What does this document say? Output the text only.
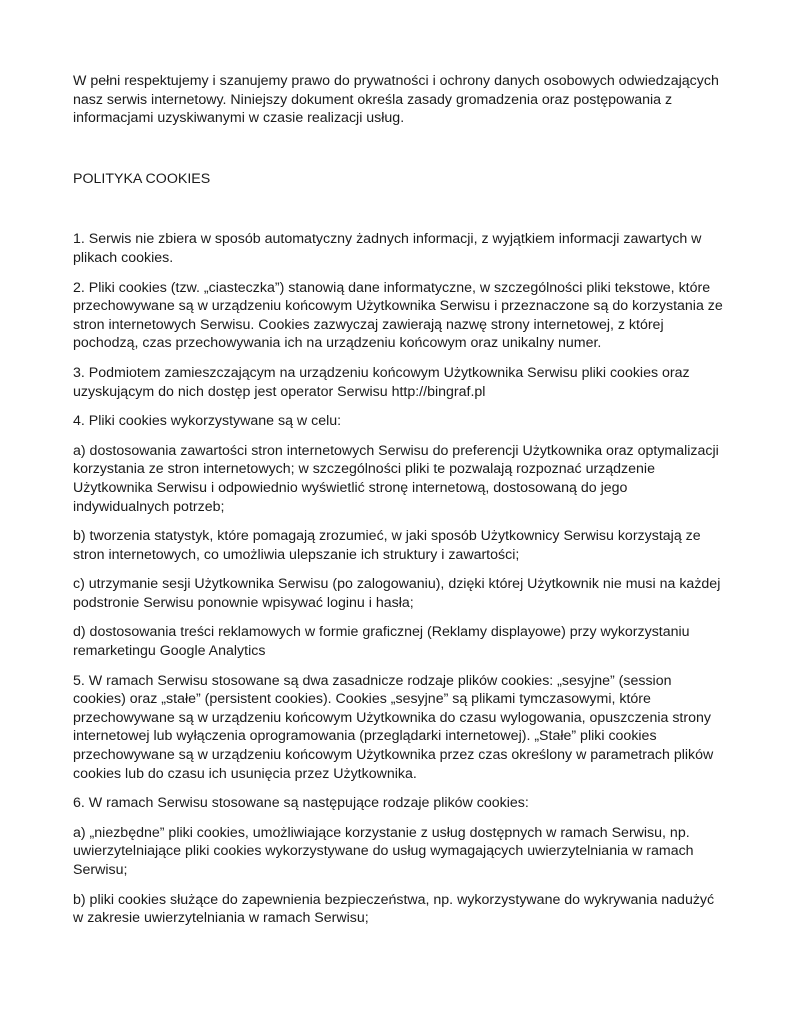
W pełni respektujemy i szanujemy prawo do prywatności i ochrony danych osobowych odwiedzających nasz serwis internetowy. Niniejszy dokument określa zasady gromadzenia oraz postępowania z informacjami uzyskiwanymi w czasie realizacji usług.

POLITYKA COOKIES

1. Serwis nie zbiera w sposób automatyczny żadnych informacji, z wyjątkiem informacji zawartych w plikach cookies.

2. Pliki cookies (tzw. „ciasteczka”) stanowią dane informatyczne, w szczególności pliki tekstowe, które przechowywane są w urządzeniu końcowym Użytkownika Serwisu i przeznaczone są do korzystania ze stron internetowych Serwisu. Cookies zazwyczaj zawierają nazwę strony internetowej, z której pochodzą, czas przechowywania ich na urządzeniu końcowym oraz unikalny numer.

3. Podmiotem zamieszczającym na urządzeniu końcowym Użytkownika Serwisu pliki cookies oraz uzyskującym do nich dostęp jest operator Serwisu http://bingraf.pl

4. Pliki cookies wykorzystywane są w celu:

a) dostosowania zawartości stron internetowych Serwisu do preferencji Użytkownika oraz optymalizacji korzystania ze stron internetowych; w szczególności pliki te pozwalają rozpoznać urządzenie Użytkownika Serwisu i odpowiednio wyświetlić stronę internetową, dostosowaną do jego indywidualnych potrzeb;

b) tworzenia statystyk, które pomagają zrozumieć, w jaki sposób Użytkownicy Serwisu korzystają ze stron internetowych, co umożliwia ulepszanie ich struktury i zawartości;

c) utrzymanie sesji Użytkownika Serwisu (po zalogowaniu), dzięki której Użytkownik nie musi na każdej podstronie Serwisu ponownie wpisywać loginu i hasła;

d) dostosowania treści reklamowych w formie graficznej (Reklamy displayowe) przy wykorzystaniu remarketingu Google Analytics

5. W ramach Serwisu stosowane są dwa zasadnicze rodzaje plików cookies: „sesyjne” (session cookies) oraz „stałe” (persistent cookies). Cookies „sesyjne” są plikami tymczasowymi, które przechowywane są w urządzeniu końcowym Użytkownika do czasu wylogowania, opuszczenia strony internetowej lub wyłączenia oprogramowania (przeglądarki internetowej). „Stałe” pliki cookies przechowywane są w urządzeniu końcowym Użytkownika przez czas określony w parametrach plików cookies lub do czasu ich usunięcia przez Użytkownika.

6. W ramach Serwisu stosowane są następujące rodzaje plików cookies:

a) „niezbędne” pliki cookies, umożliwiające korzystanie z usług dostępnych w ramach Serwisu, np. uwierzytelniające pliki cookies wykorzystywane do usług wymagających uwierzytelniania w ramach Serwisu;

b) pliki cookies służące do zapewnienia bezpieczeństwa, np. wykorzystywane do wykrywania nadużyć w zakresie uwierzytelniania w ramach Serwisu;
